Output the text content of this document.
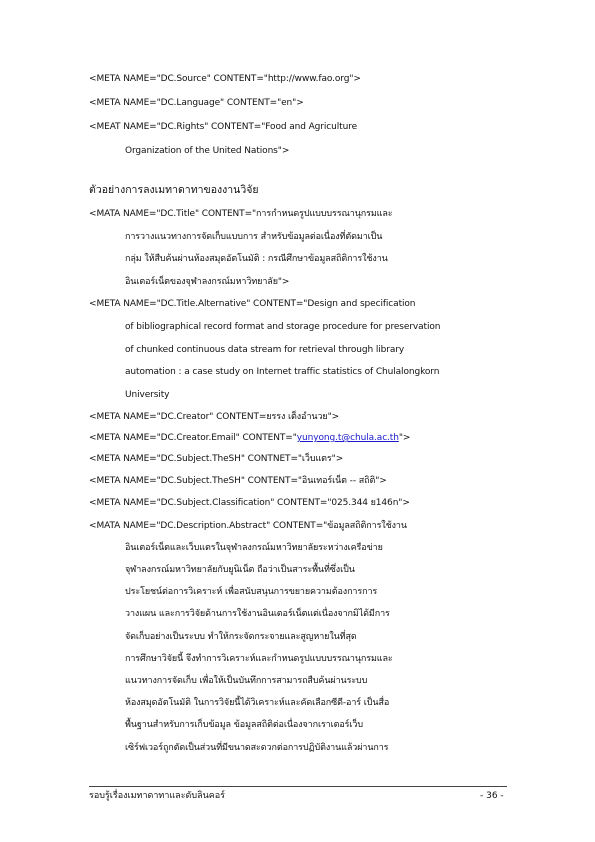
<META NAME="DC.Source" CONTENT="http://www.fao.org">
<META NAME="DC.Language" CONTENT="en">
<MEAT NAME="DC.Rights" CONTENT="Food and Agriculture
Organization of the United Nations">
ตัวอย่างการลงเมทาดาทาของงานวิจัย
<MATA NAME="DC.Title" CONTENT="การกำหนดรูปแบบบรรณานุกรมและ
การวางแนวทางการจัดเก็บแบบการ สำหรับข้อมูลต่อเนื่องที่ตัดมาเป็น
กลุ่ม ให้สืบค้นผ่านห้องสมุดอัตโนมัติ : กรณีศึกษาข้อมูลสถิติการใช้งาน
อินเตอร์เน็ตของจุฬาลงกรณ์มหาวิทยาลัย">
<META NAME="DC.Title.Alternative" CONTENT="Design and specification
of bibliographical record format and storage procedure for preservation
of chunked continuous data stream for retrieval through library
automation : a case study on Internet traffic statistics of Chulalongkorn
University
<META NAME="DC.Creator" CONTENT=ยรรง เต็งอำนวย">
<META NAME="DC.Creator.Email" CONTENT="yunyong.t@chula.ac.th">
<META NAME="DC.Subject.TheSH" CONTNET="เว็บแตร">
<META NAME="DC.Subject.TheSH" CONTENT="อินเทอร์เน็ต -- สถิติ">
<META NAME="DC.Subject.Classification" CONTENT="025.344 ย146n">
<MATA NAME="DC.Description.Abstract" CONTENT="ข้อมูลสถิติการใช้งาน
อินเตอร์เน็ตและเว็บแตรในจุฬาลงกรณ์มหาวิทยาลัยระหว่างเครือข่าย
จุฬาลงกรณ์มหาวิทยาลัยกับยูนิเน็ต ถือว่าเป็นสาระพื้นที่ซึ่งเป็น
ประโยชน์ต่อการวิเคราะห์ เพื่อสนับสนุนการขยายความต้องการการ
วางแผน และการวิจัยด้านการใช้งานอินเตอร์เน็ตแต่เนื่องจากมิได้มีการ
จัดเก็บอย่างเป็นระบบ ทำให้กระจัดกระจายและสูญหายในที่สุด
การศึกษาวิจัยนี้ จึงทำการวิเคราะห์และกำหนดรูปแบบบรรณานุกรมและ
แนวทางการจัดเก็บ เพื่อให้เป็นบันทึกการสามารถสืบค้นผ่านระบบ
ห้องสมุดอัตโนมัติ ในการวิจัยนี้ได้วิเคราะห์และคัดเลือกซีดี-อาร์ เป็นสื่อ
พื้นฐานสำหรับการเก็บข้อมูล ข้อมูลสถิติต่อเนื่องจากเราเตอร์เว็บ
เซิร์ฟเวอร์ถูกตัดเป็นส่วนที่มีขนาดสะดวกต่อการปฏิบัติงานแล้วผ่านการ
รอบรู้เรื่องเมทาดาทาและดับลินคอร์	- 36 -
